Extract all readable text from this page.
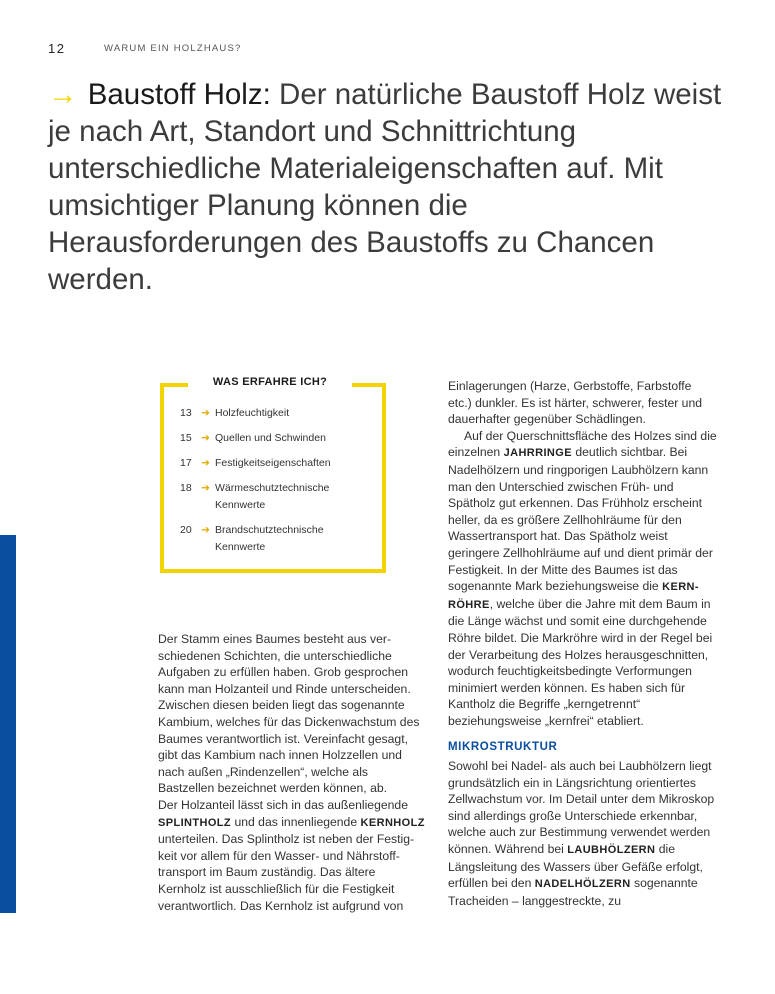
12	WARUM EIN HOLZHAUS?

→ Baustoff Holz: Der natürliche Baustoff Holz weist je nach Art, Standort und Schnittrichtung unterschiedliche Materialeigenschaften auf. Mit umsichtiger Planung können die Herausforderungen des Baustoffs zu Chancen werden.

WAS ERFAHRE ICH?
13 ➔ Holzfeuchtigkeit
15 ➔ Quellen und Schwinden
17 ➔ Festigkeitseigenschaften
18 ➔ Wärmeschutztechnische Kennwerte
20 ➔ Brandschutztechnische Kennwerte

Der Stamm eines Baumes besteht aus verschiedenen Schichten, die unterschiedliche Aufgaben zu erfüllen haben. Grob gesprochen kann man Holzanteil und Rinde unterscheiden. Zwischen diesen beiden liegt das sogenannte Kambium, welches für das Dickenwachstum des Baumes verantwortlich ist. Vereinfacht gesagt, gibt das Kambium nach innen Holzzellen und nach außen „Rindenzellen“, welche als Bastzellen bezeichnet werden können, ab.

Der Holzanteil lässt sich in das außenliegende SPLINTHOLZ und das innenliegende KERNHOLZ unterteilen. Das Splintholz ist neben der Festigkeit vor allem für den Wasser- und Nährstofftransport im Baum zuständig. Das ältere Kernholz ist ausschließlich für die Festigkeit verantwortlich. Das Kernholz ist aufgrund von

Einlagerungen (Harze, Gerbstoffe, Farbstoffe etc.) dunkler. Es ist härter, schwerer, fester und dauerhafter gegenüber Schädlingen.

Auf der Querschnittsfläche des Holzes sind die einzelnen JAHRRINGE deutlich sichtbar. Bei Nadelhölzern und ringporigen Laubhölzern kann man den Unterschied zwischen Früh- und Spätholz gut erkennen. Das Frühholz erscheint heller, da es größere Zellhohlräume für den Wassertransport hat. Das Spätholz weist geringere Zellhohlräume auf und dient primär der Festigkeit. In der Mitte des Baumes ist das sogenannte Mark beziehungsweise die KERNRÖHRE, welche über die Jahre mit dem Baum in die Länge wächst und somit eine durchgehende Röhre bildet. Die Markröhre wird in der Regel bei der Verarbeitung des Holzes herausgeschnitten, wodurch feuchtigkeitsbedingte Verformungen minimiert werden können. Es haben sich für Kantholz die Begriffe „kerngetrennt“ beziehungsweise „kernfrei“ etabliert.

MIKROSTRUKTUR

Sowohl bei Nadel- als auch bei Laubhölzern liegt grundsätzlich ein in Längsrichtung orientiertes Zellwachstum vor. Im Detail unter dem Mikroskop sind allerdings große Unterschiede erkennbar, welche auch zur Bestimmung verwendet werden können. Während bei LAUBHÖLZERN die Längsleitung des Wassers über Gefäße erfolgt, erfüllen bei den NADELHÖLZERN sogenannte Tracheiden – langgestreckte, zu
